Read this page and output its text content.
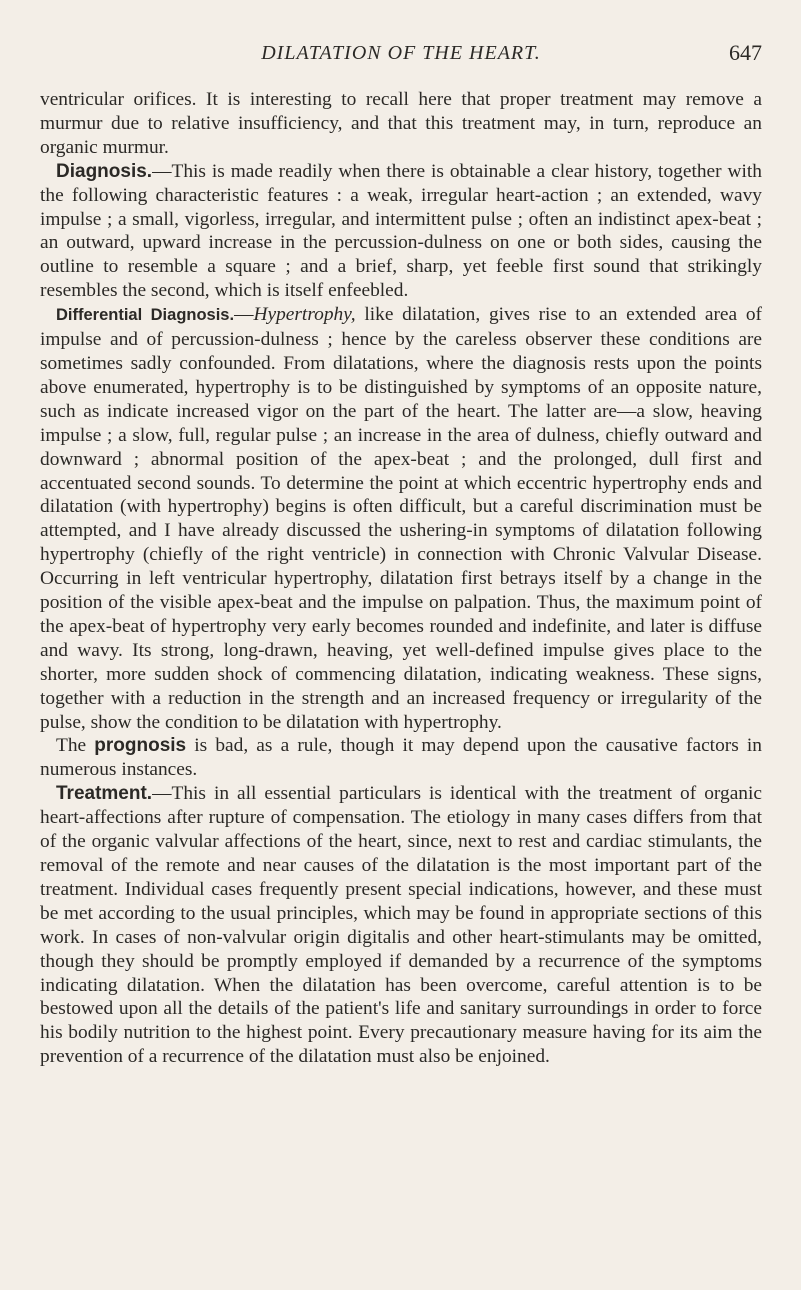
DILATATION OF THE HEART.	647

ventricular orifices. It is interesting to recall here that proper treatment may remove a murmur due to relative insufficiency, and that this treatment may, in turn, reproduce an organic murmur.

Diagnosis.—This is made readily when there is obtainable a clear history, together with the following characteristic features : a weak, irregular heart-action ; an extended, wavy impulse ; a small, vigorless, irregular, and intermittent pulse ; often an indistinct apex-beat ; an outward, upward increase in the percussion-dulness on one or both sides, causing the outline to resemble a square ; and a brief, sharp, yet feeble first sound that strikingly resembles the second, which is itself enfeebled.

Differential Diagnosis.—Hypertrophy, like dilatation, gives rise to an extended area of impulse and of percussion-dulness ; hence by the careless observer these conditions are sometimes sadly confounded. From dilatations, where the diagnosis rests upon the points above enumerated, hypertrophy is to be distinguished by symptoms of an opposite nature, such as indicate increased vigor on the part of the heart. The latter are—a slow, heaving impulse ; a slow, full, regular pulse ; an increase in the area of dulness, chiefly outward and downward ; abnormal position of the apex-beat ; and the prolonged, dull first and accentuated second sounds. To determine the point at which eccentric hypertrophy ends and dilatation (with hypertrophy) begins is often difficult, but a careful discrimination must be attempted, and I have already discussed the ushering-in symptoms of dilatation following hypertrophy (chiefly of the right ventricle) in connection with Chronic Valvular Disease. Occurring in left ventricular hypertrophy, dilatation first betrays itself by a change in the position of the visible apex-beat and the impulse on palpation. Thus, the maximum point of the apex-beat of hypertrophy very early becomes rounded and indefinite, and later is diffuse and wavy. Its strong, long-drawn, heaving, yet well-defined impulse gives place to the shorter, more sudden shock of commencing dilatation, indicating weakness. These signs, together with a reduction in the strength and an increased frequency or irregularity of the pulse, show the condition to be dilatation with hypertrophy.

The prognosis is bad, as a rule, though it may depend upon the causative factors in numerous instances.

Treatment.—This in all essential particulars is identical with the treatment of organic heart-affections after rupture of compensation. The etiology in many cases differs from that of the organic valvular affections of the heart, since, next to rest and cardiac stimulants, the removal of the remote and near causes of the dilatation is the most important part of the treatment. Individual cases frequently present special indications, however, and these must be met according to the usual principles, which may be found in appropriate sections of this work. In cases of non-valvular origin digitalis and other heart-stimulants may be omitted, though they should be promptly employed if demanded by a recurrence of the symptoms indicating dilatation. When the dilatation has been overcome, careful attention is to be bestowed upon all the details of the patient's life and sanitary surroundings in order to force his bodily nutrition to the highest point. Every precautionary measure having for its aim the prevention of a recurrence of the dilatation must also be enjoined.
